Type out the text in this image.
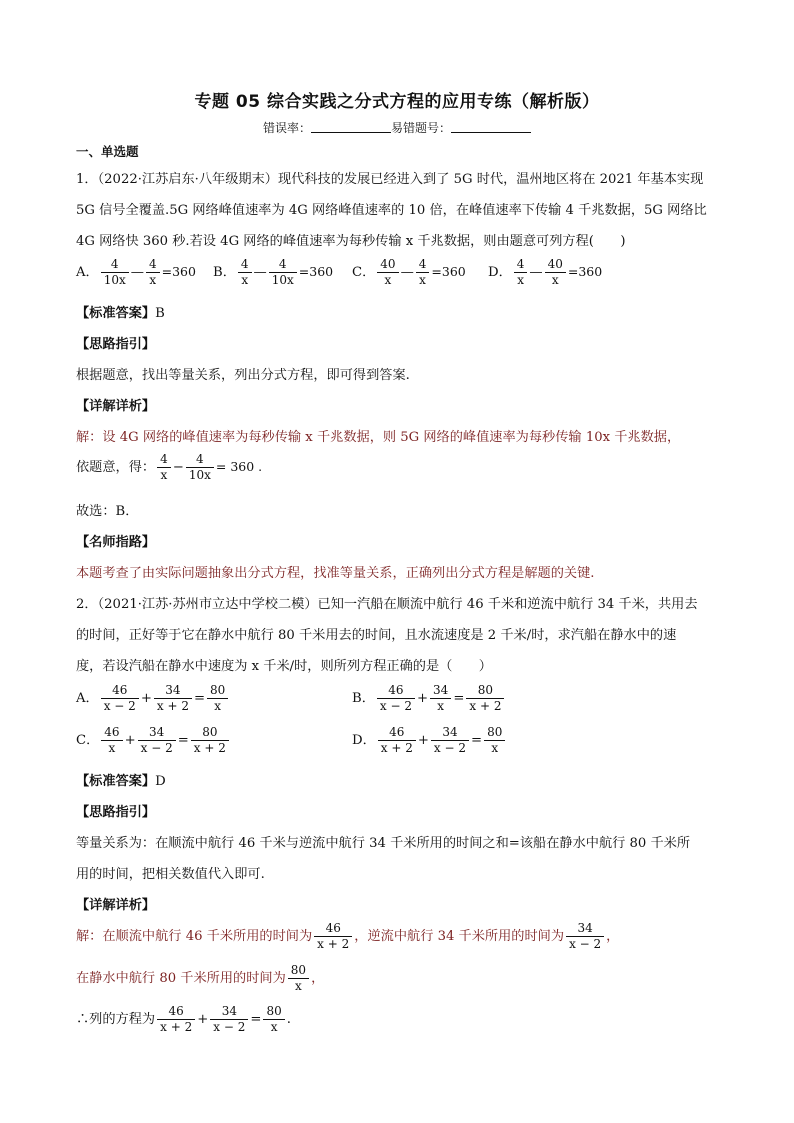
专题 05 综合实践之分式方程的应用专练（解析版）
错误率：	易错题号：
一、单选题
1．（2022·江苏启东·八年级期末）现代科技的发展已经进入到了 5G 时代，温州地区将在 2021 年基本实现
5G 信号全覆盖.5G 网络峰值速率为 4G 网络峰值速率的 10 倍，在峰值速率下传输 4 千兆数据，5G 网络比
4G 网络快 360 秒.若设 4G 网络的峰值速率为每秒传输 x 千兆数据，则由题意可列方程(　　)
A． $\frac{4}{10x}$ — $\frac{4}{x} =360$ B． $\frac{4}{x}$ — $\frac{4}{10x} =360$ C． $\frac{40}{x}$ — $\frac{4}{x} =360$ D． $\frac{4}{x}$ — $\frac{40}{x} =360$
【标准答案】B
【思路指引】
根据题意，找出等量关系，列出分式方程，即可得到答案.
【详解详析】
解：设 4G 网络的峰值速率为每秒传输 x 千兆数据，则 5G 网络的峰值速率为每秒传输 10x 千兆数据，
依题意，得： $\frac{4}{x} - \frac{4}{10x} = 360$ .
故选：B．
【名师指路】
本题考查了由实际问题抽象出分式方程，找准等量关系，正确列出分式方程是解题的关键.
2．（2021·江苏·苏州市立达中学校二模）已知一汽船在顺流中航行 46 千米和逆流中航行 34 千米，共用去
的时间，正好等于它在静水中航行 80 千米用去的时间，且水流速度是 2 千米/时，求汽船在静水中的速
度，若设汽船在静水中速度为 x 千米/时，则所列方程正确的是（　　）
A． $\frac{46}{x - 2} + \frac{34}{x + 2} = \frac{80}{x}$	B． $\frac{46}{x - 2} + \frac{34}{x} = \frac{80}{x + 2}$
C． $\frac{46}{x} + \frac{34}{x - 2} = \frac{80}{x + 2}$	D． $\frac{46}{x + 2} + \frac{34}{x - 2} = \frac{80}{x}$
【标准答案】D
【思路指引】
等量关系为：在顺流中航行 46 千米与逆流中航行 34 千米所用的时间之和=该船在静水中航行 80 千米所
用的时间，把相关数值代入即可.
【详解详析】
解：在顺流中航行 46 千米所用的时间为 $\frac{46}{x + 2}$ ，逆流中航行 34 千米所用的时间为 $\frac{34}{x - 2}$ ，
在静水中航行 80 千米所用的时间为 $\frac{80}{x}$ ，
∴列的方程为 $\frac{46}{x + 2} + \frac{34}{x - 2} = \frac{80}{x}$ .
